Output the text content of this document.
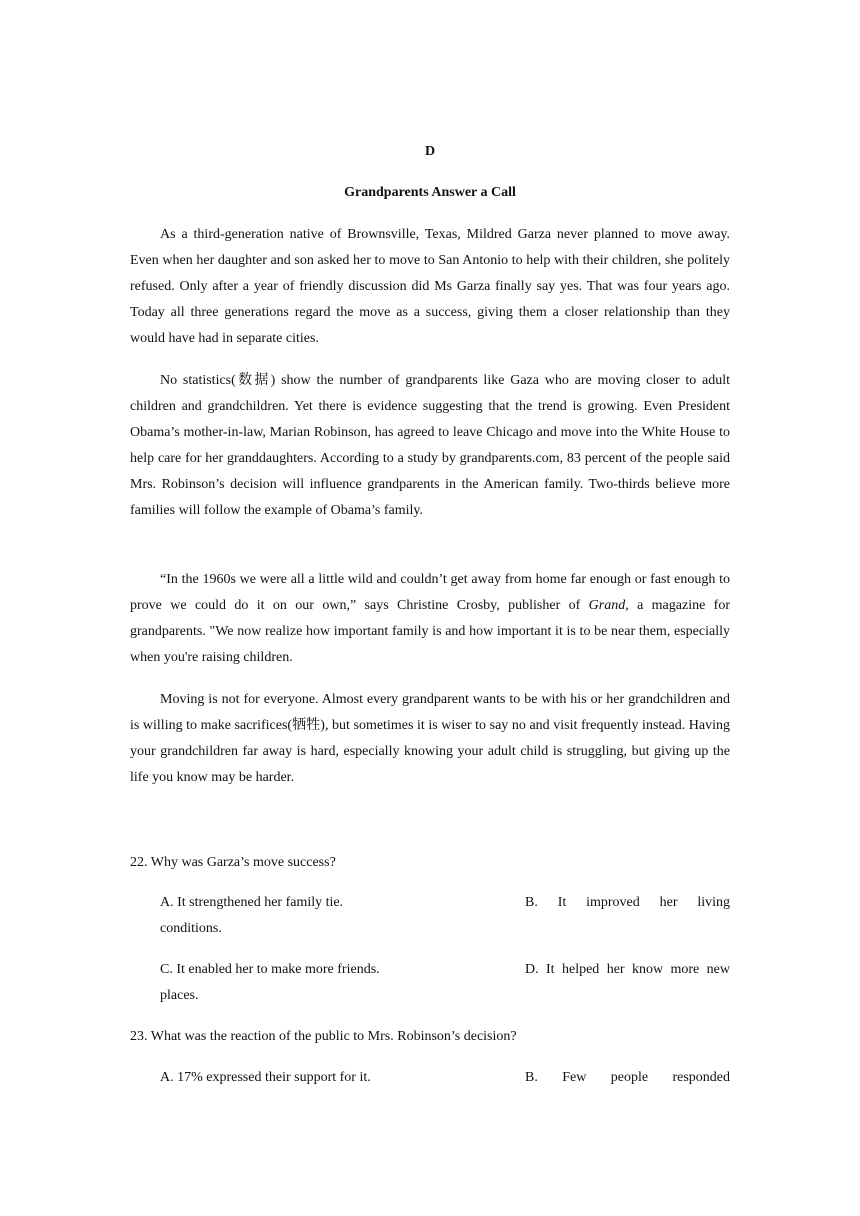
D

Grandparents Answer a Call

As a third-generation native of Brownsville, Texas, Mildred Garza never planned to move away. Even when her daughter and son asked her to move to San Antonio to help with their children, she politely refused. Only after a year of friendly discussion did Ms Garza finally say yes. That was four years ago. Today all three generations regard the move as a success, giving them a closer relationship than they would have had in separate cities.

No statistics(数据) show the number of grandparents like Gaza who are moving closer to adult children and grandchildren. Yet there is evidence suggesting that the trend is growing. Even President Obama’s mother-in-law, Marian Robinson, has agreed to leave Chicago and move into the White House to help care for her granddaughters. According to a study by grandparents.com, 83 percent of the people said Mrs. Robinson’s decision will influence grandparents in the American family. Two-thirds believe more families will follow the example of Obama’s family.

“In the 1960s we were all a little wild and couldn’t get away from home far enough or fast enough to prove we could do it on our own,” says Christine Crosby, publisher of Grand, a magazine for grandparents. "We now realize how important family is and how important it is to be near them, especially when you're raising children.

Moving is not for everyone. Almost every grandparent wants to be with his or her grandchildren and is willing to make sacrifices(牺牲), but sometimes it is wiser to say no and visit frequently instead. Having your grandchildren far away is hard, especially knowing your adult child is struggling, but giving up the life you know may be harder.

22. Why was Garza’s move success?

A. It strengthened her family tie.	B. It improved her living
conditions.
C. It enabled her to make more friends.	D. It helped her know more new
places.

23. What was the reaction of the public to Mrs. Robinson’s decision?

A. 17% expressed their support for it.	B. Few people responded
